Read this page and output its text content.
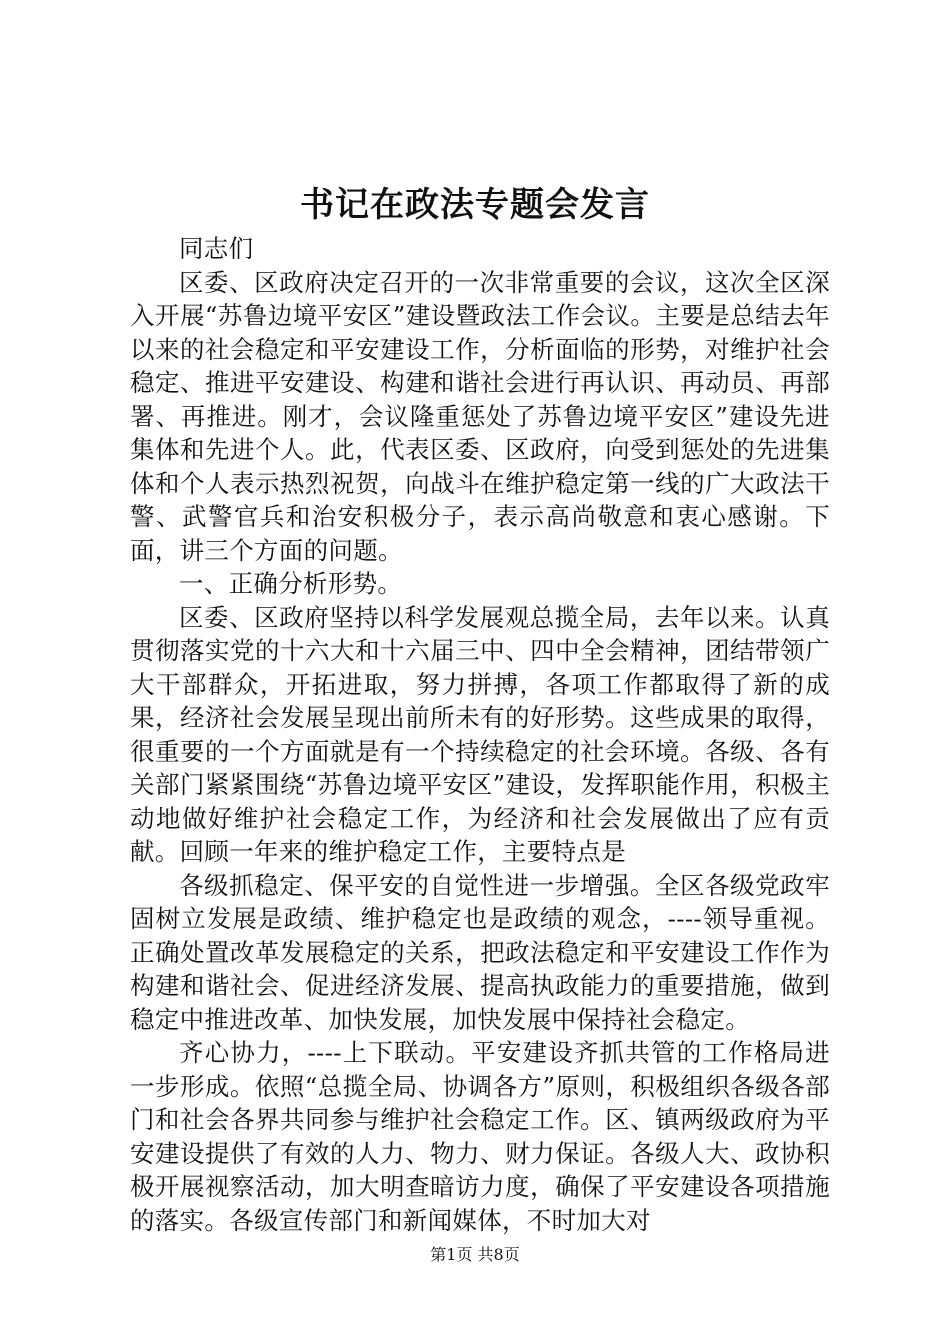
书记在政法专题会发言

同志们

区委、区政府决定召开的一次非常重要的会议，这次全区深入开展“苏鲁边境平安区”建设暨政法工作会议。主要是总结去年以来的社会稳定和平安建设工作，分析面临的形势，对维护社会稳定、推进平安建设、构建和谐社会进行再认识、再动员、再部署、再推进。刚才，会议隆重惩处了苏鲁边境平安区”建设先进集体和先进个人。此，代表区委、区政府，向受到惩处的先进集体和个人表示热烈祝贺，向战斗在维护稳定第一线的广大政法干警、武警官兵和治安积极分子，表示高尚敬意和衷心感谢。下面，讲三个方面的问题。

一、正确分析形势。

区委、区政府坚持以科学发展观总揽全局，去年以来。认真贯彻落实党的十六大和十六届三中、四中全会精神，团结带领广大干部群众，开拓进取，努力拼搏，各项工作都取得了新的成果，经济社会发展呈现出前所未有的好形势。这些成果的取得，很重要的一个方面就是有一个持续稳定的社会环境。各级、各有关部门紧紧围绕“苏鲁边境平安区”建设，发挥职能作用，积极主动地做好维护社会稳定工作，为经济和社会发展做出了应有贡献。回顾一年来的维护稳定工作，主要特点是

各级抓稳定、保平安的自觉性进一步增强。全区各级党政牢固树立发展是政绩、维护稳定也是政绩的观念，----领导重视。正确处置改革发展稳定的关系，把政法稳定和平安建设工作作为构建和谐社会、促进经济发展、提高执政能力的重要措施，做到稳定中推进改革、加快发展，加快发展中保持社会稳定。

齐心协力，----上下联动。平安建设齐抓共管的工作格局进一步形成。依照“总揽全局、协调各方”原则，积极组织各级各部门和社会各界共同参与维护社会稳定工作。区、镇两级政府为平安建设提供了有效的人力、物力、财力保证。各级人大、政协积极开展视察活动，加大明查暗访力度，确保了平安建设各项措施的落实。各级宣传部门和新闻媒体，不时加大对

第1页 共8页
